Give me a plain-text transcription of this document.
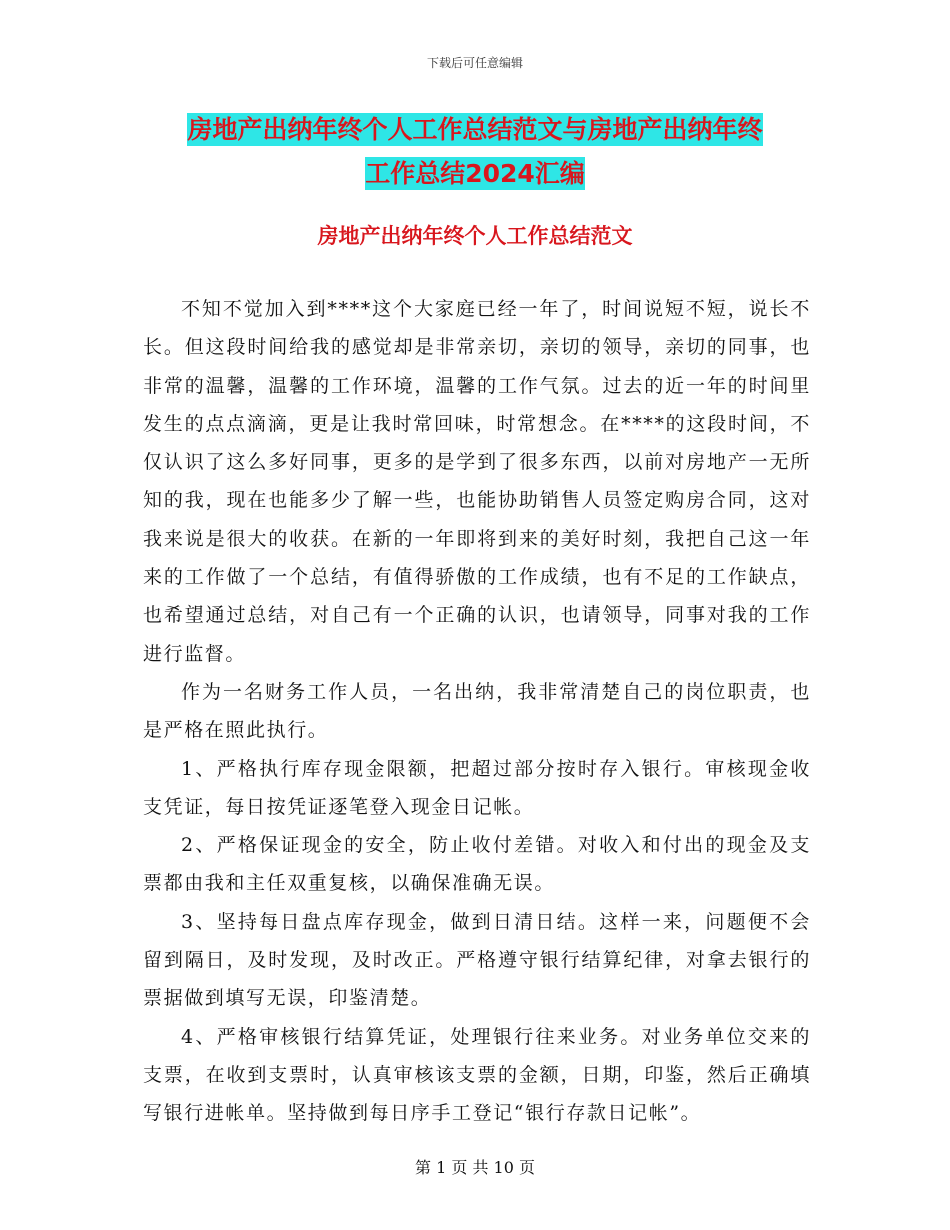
下载后可任意编辑
房地产出纳年终个人工作总结范文与房地产出纳年终
工作总结2024汇编
房地产出纳年终个人工作总结范文

不知不觉加入到****这个大家庭已经一年了，时间说短不短，说长不长。但这段时间给我的感觉却是非常亲切，亲切的领导，亲切的同事，也非常的温馨，温馨的工作环境，温馨的工作气氛。过去的近一年的时间里发生的点点滴滴，更是让我时常回味，时常想念。在****的这段时间，不仅认识了这么多好同事，更多的是学到了很多东西，以前对房地产一无所知的我，现在也能多少了解一些，也能协助销售人员签定购房合同，这对我来说是很大的收获。在新的一年即将到来的美好时刻，我把自己这一年来的工作做了一个总结，有值得骄傲的工作成绩，也有不足的工作缺点，也希望通过总结，对自己有一个正确的认识，也请领导，同事对我的工作进行监督。

作为一名财务工作人员，一名出纳，我非常清楚自己的岗位职责，也是严格在照此执行。

1、严格执行库存现金限额，把超过部分按时存入银行。审核现金收支凭证，每日按凭证逐笔登入现金日记帐。

2、严格保证现金的安全，防止收付差错。对收入和付出的现金及支票都由我和主任双重复核，以确保准确无误。

3、坚持每日盘点库存现金，做到日清日结。这样一来，问题便不会留到隔日，及时发现，及时改正。严格遵守银行结算纪律，对拿去银行的票据做到填写无误，印鉴清楚。

4、严格审核银行结算凭证，处理银行往来业务。对业务单位交来的支票，在收到支票时，认真审核该支票的金额，日期，印鉴，然后正确填写银行进帐单。坚持做到每日序手工登记“银行存款日记帐”。

第 1 页 共 10 页
